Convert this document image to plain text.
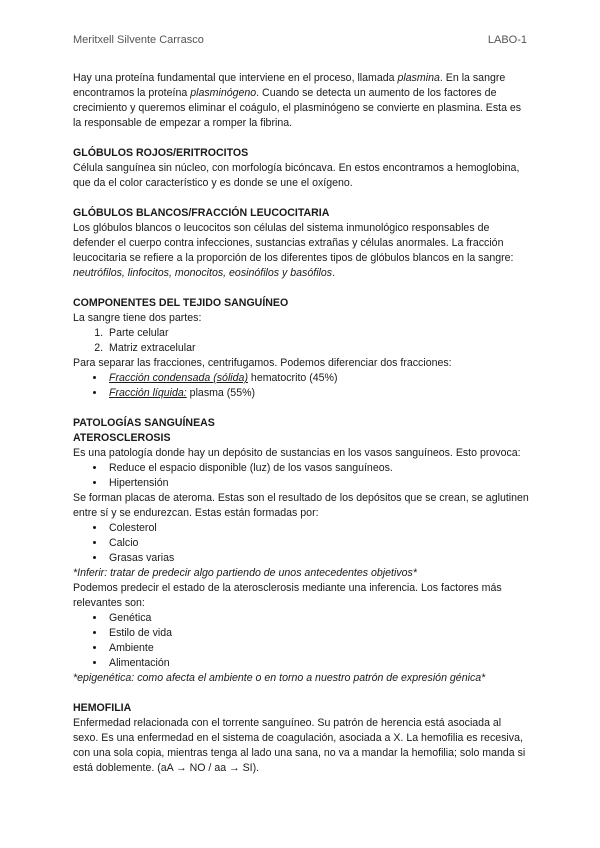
Meritxell Silvente Carrasco	LABO-1

Hay una proteína fundamental que interviene en el proceso, llamada plasmina. En la sangre encontramos la proteína plasminógeno. Cuando se detecta un aumento de los factores de crecimiento y queremos eliminar el coágulo, el plasminógeno se convierte en plasmina. Esta es la responsable de empezar a romper la fibrina.

GLÓBULOS ROJOS/ERITROCITOS

Célula sanguínea sin núcleo, con morfología bicóncava. En estos encontramos a hemoglobina, que da el color característico y es donde se une el oxígeno.

GLÓBULOS BLANCOS/FRACCIÓN LEUCOCITARIA

Los glóbulos blancos o leucocitos son células del sistema inmunológico responsables de defender el cuerpo contra infecciones, sustancias extrañas y células anormales. La fracción leucocitaria se refiere a la proporción de los diferentes tipos de glóbulos blancos en la sangre: neutrófilos, linfocitos, monocitos, eosinófilos y basófilos.

COMPONENTES DEL TEJIDO SANGUÍNEO

La sangre tiene dos partes:

1. Parte celular
2. Matriz extracelular

Para separar las fracciones, centrifugamos. Podemos diferenciar dos fracciones:

• Fracción condensada (sólida) hematocrito (45%)
• Fracción líquida: plasma (55%)

PATOLOGÍAS SANGUÍNEAS

ATEROSCLEROSIS

Es una patología donde hay un depósito de sustancias en los vasos sanguíneos. Esto provoca:

• Reduce el espacio disponible (luz) de los vasos sanguíneos.
• Hipertensión

Se forman placas de ateroma. Estas son el resultado de los depósitos que se crean, se aglutinen entre sí y se endurezcan. Estas están formadas por:

• Colesterol
• Calcio
• Grasas varias

*Inferir: tratar de predecir algo partiendo de unos antecedentes objetivos*

Podemos predecir el estado de la aterosclerosis mediante una inferencia. Los factores más relevantes son:

• Genética
• Estilo de vida
• Ambiente
• Alimentación

*epigenética: como afecta el ambiente o en torno a nuestro patrón de expresión génica*

HEMOFILIA

Enfermedad relacionada con el torrente sanguíneo. Su patrón de herencia está asociada al sexo. Es una enfermedad en el sistema de coagulación, asociada a X. La hemofilia es recesiva, con una sola copia, mientras tenga al lado una sana, no va a mandar la hemofilia; solo manda si está doblemente. (aA → NO / aa → SI).
